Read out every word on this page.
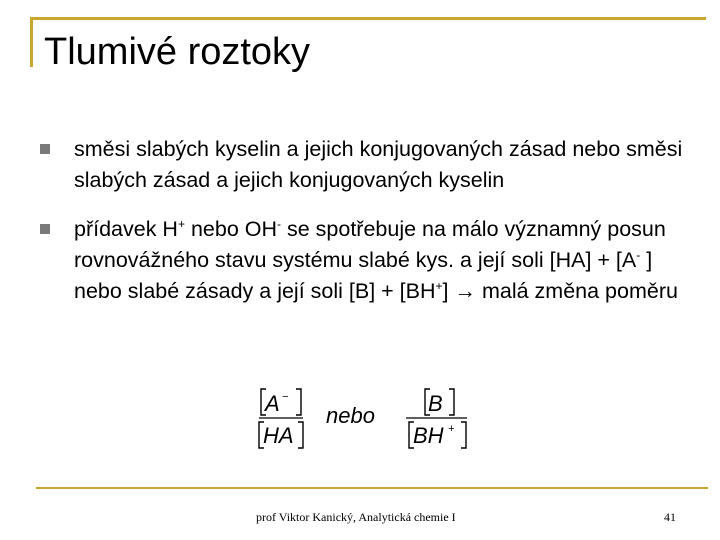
Tlumivé roztoky
směsi slabých kyselin a jejich konjugovaných zásad nebo směsi slabých zásad a jejich konjugovaných kyselin
přídavek H+ nebo OH- se spotřebuje na málo významný posun rovnovážného stavu systému slabé kys. a její soli [HA] + [A- ] nebo slabé zásady a její soli [B] + [BH+] → malá změna poměru
A −
HA
nebo B
BH +
prof Viktor Kanický, Analytická chemie I	41
